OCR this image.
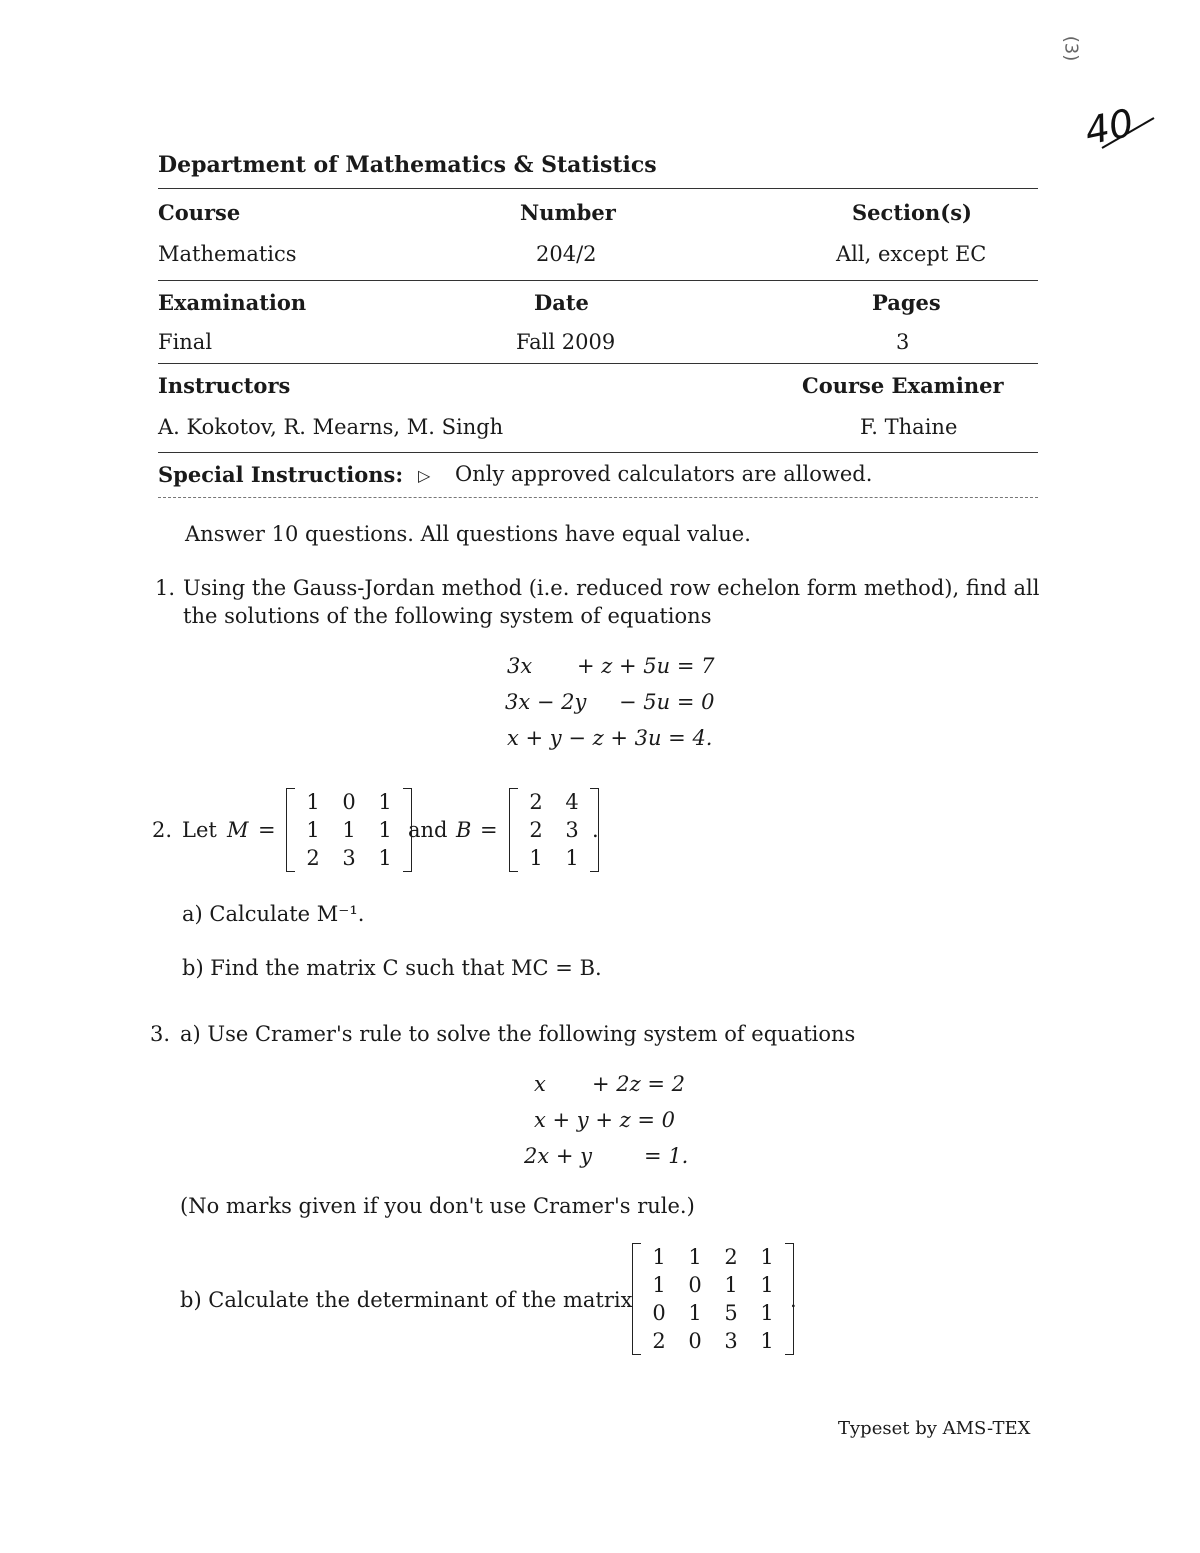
40
(3)
Department of Mathematics & Statistics
Course	Number	Section(s)
Mathematics	204/2	All, except EC
Examination	Date	Pages
Final	Fall 2009	3
Instructors	Course Examiner
A. Kokotov, R. Mearns, M. Singh	F. Thaine
Special Instructions: ▷ Only approved calculators are allowed.
Answer 10 questions. All questions have equal value.
1. Using the Gauss-Jordan method (i.e. reduced row echelon form method), find all
the solutions of the following system of equations
3x + z + 5u = 7
3x − 2y − 5u = 0
x + y − z + 3u = 4.
2. Let M =
1	0	1
1	1	1
2	3	1
and B =
2	4
2	3
1	1
.
a) Calculate M⁻¹.
b) Find the matrix C such that MC = B.
3. a) Use Cramer's rule to solve the following system of equations
x + 2z = 2
x + y + z = 0
2x + y = 1.
(No marks given if you don't use Cramer's rule.)
b) Calculate the determinant of the matrix
1	1	2	1
1	0	1	1
0	1	5	1
2	0	3	1
.
Typeset by AMS-TEX
